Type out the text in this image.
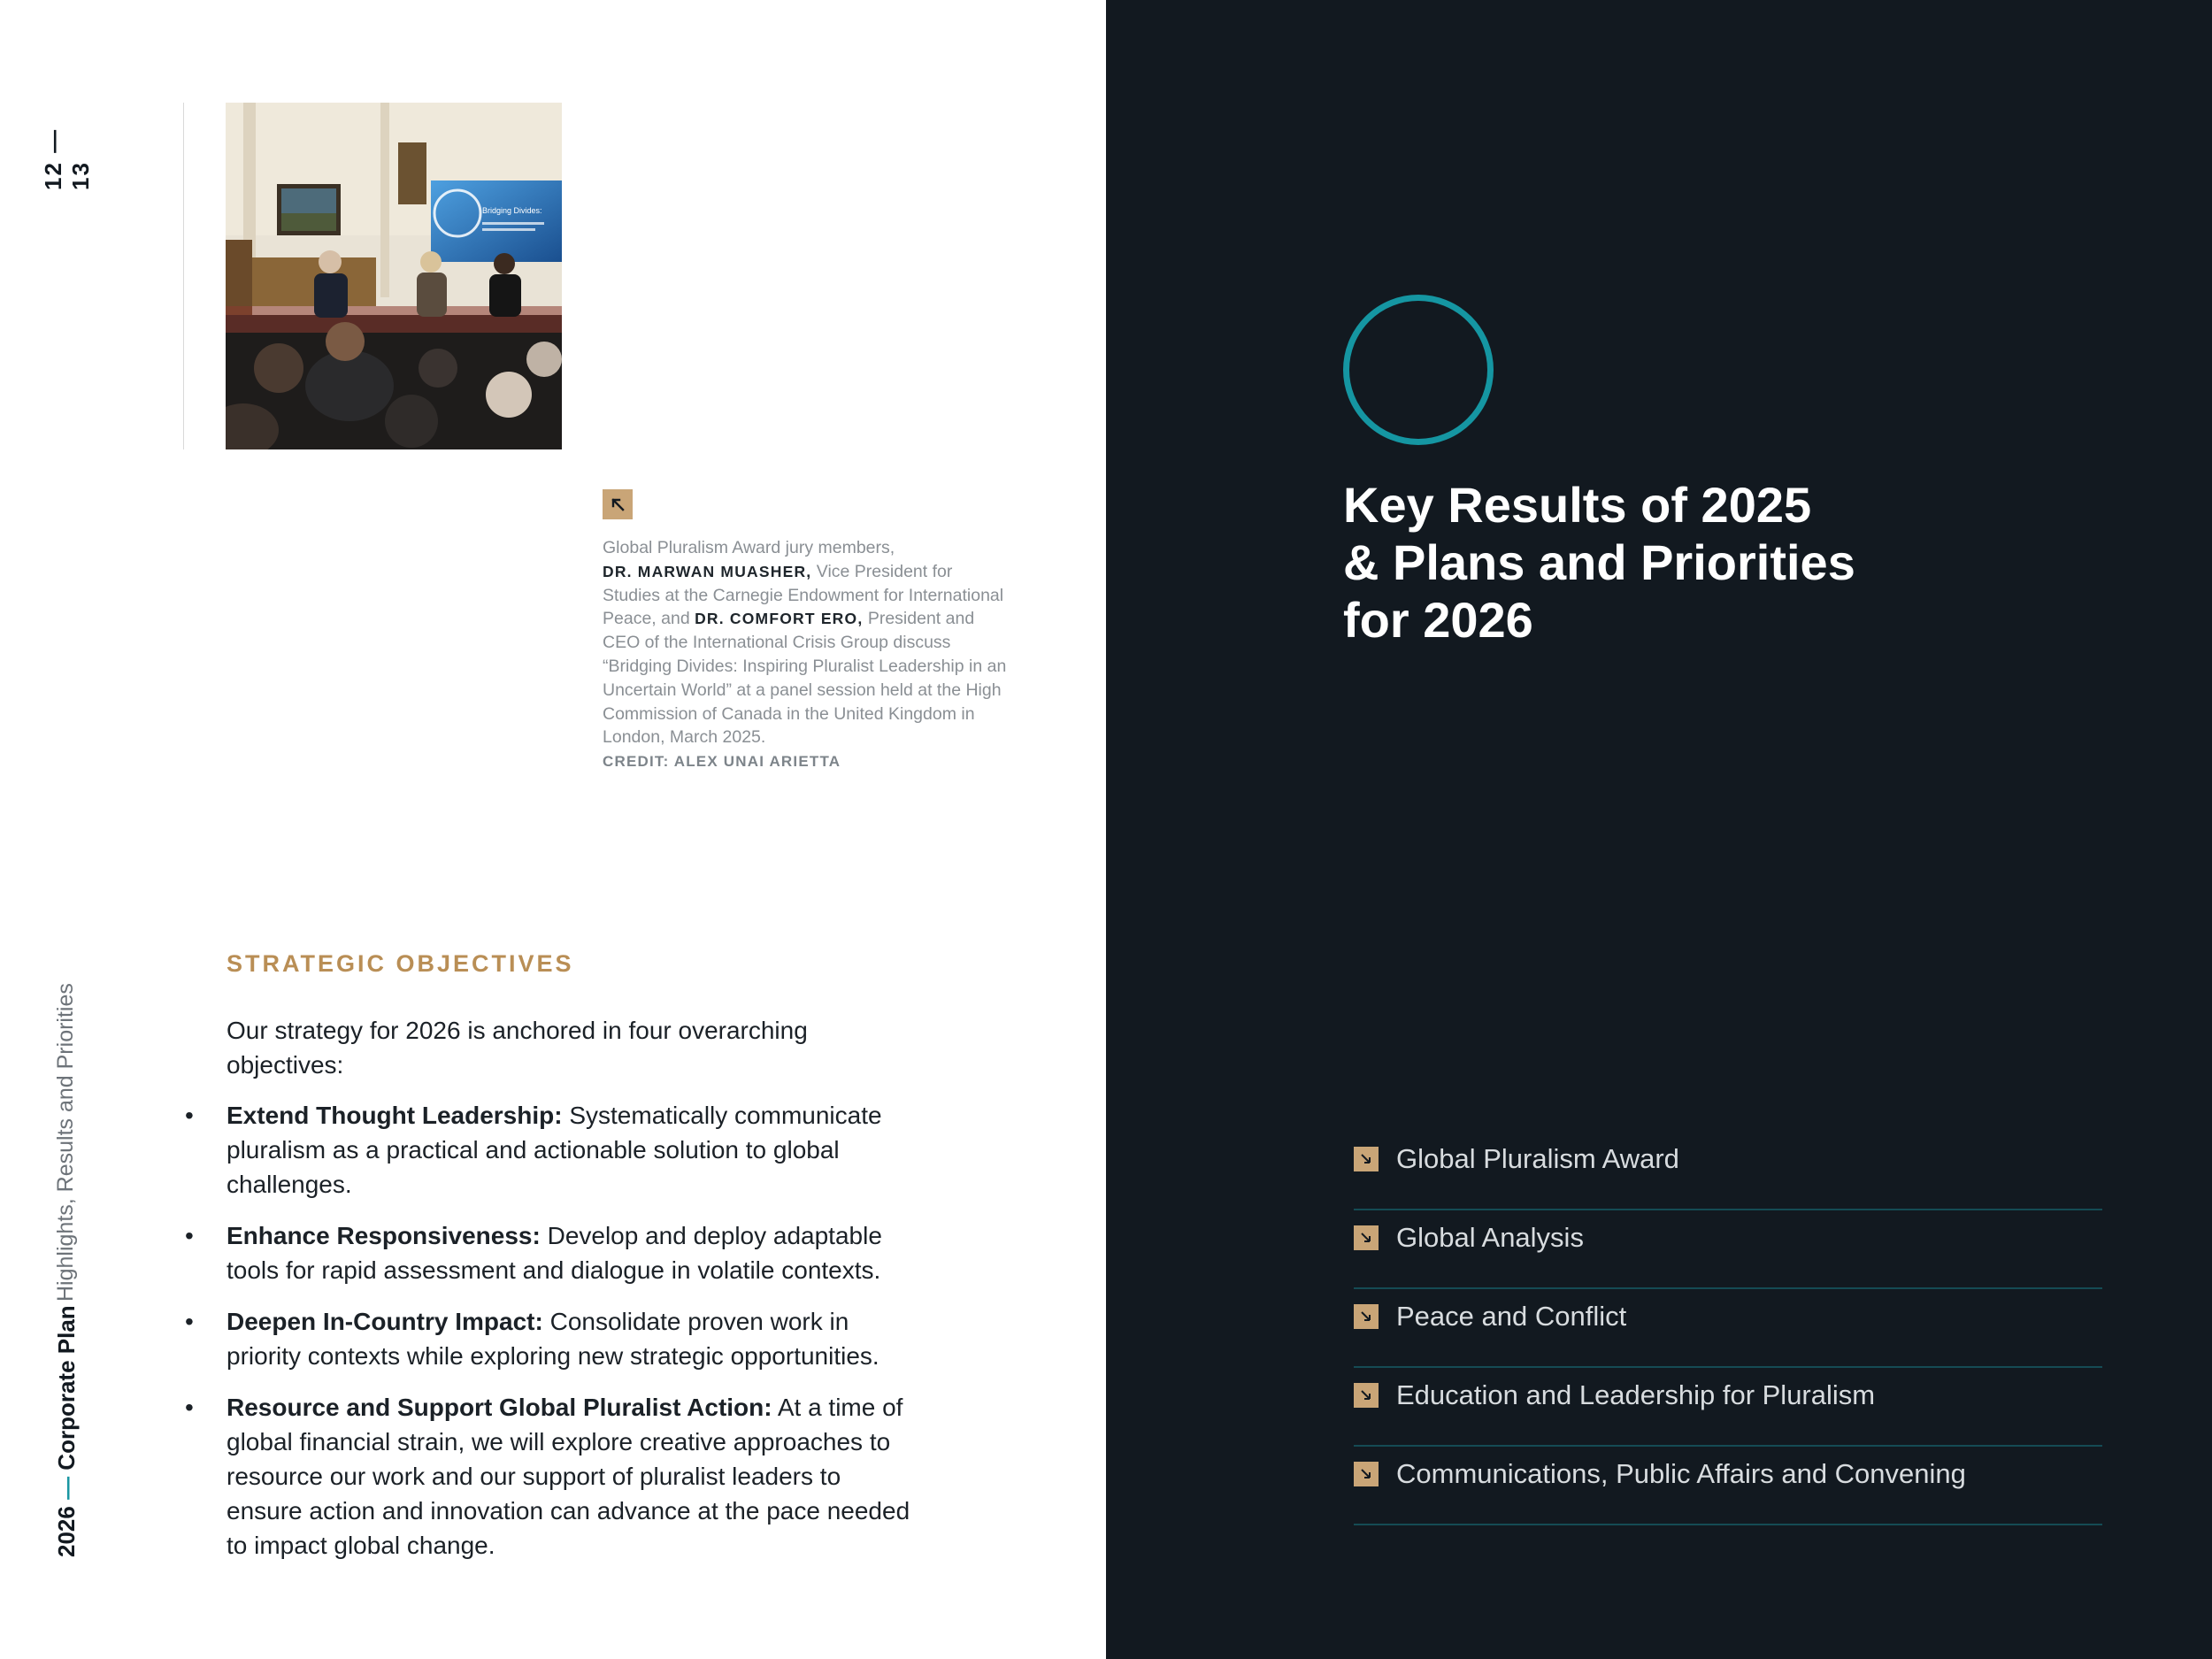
12 — 13
Bridging Divides:
Global Pluralism Award jury members,
DR. MARWAN MUASHER, Vice President for Studies at the Carnegie Endowment for International Peace, and DR. COMFORT ERO, President and CEO of the International Crisis Group discuss “Bridging Divides: Inspiring Pluralist Leadership in an Uncertain World” at a panel session held at the High Commission of Canada in the United Kingdom in London, March 2025.
CREDIT: ALEX UNAI ARIETTA
STRATEGIC OBJECTIVES
Our strategy for 2026 is anchored in four overarching objectives:
• Extend Thought Leadership: Systematically communicate pluralism as a practical and actionable solution to global challenges.
• Enhance Responsiveness: Develop and deploy adaptable tools for rapid assessment and dialogue in volatile contexts.
• Deepen In-Country Impact: Consolidate proven work in priority contexts while exploring new strategic opportunities.
• Resource and Support Global Pluralist Action: At a time of global financial strain, we will explore creative approaches to resource our work and our support of pluralist leaders to ensure action and innovation can advance at the pace needed to impact global change.
2026 — Corporate Plan
Highlights, Results and Priorities
Key Results of 2025
& Plans and Priorities
for 2026
Global Pluralism Award
Global Analysis
Peace and Conflict
Education and Leadership for Pluralism
Communications, Public Affairs and Convening
